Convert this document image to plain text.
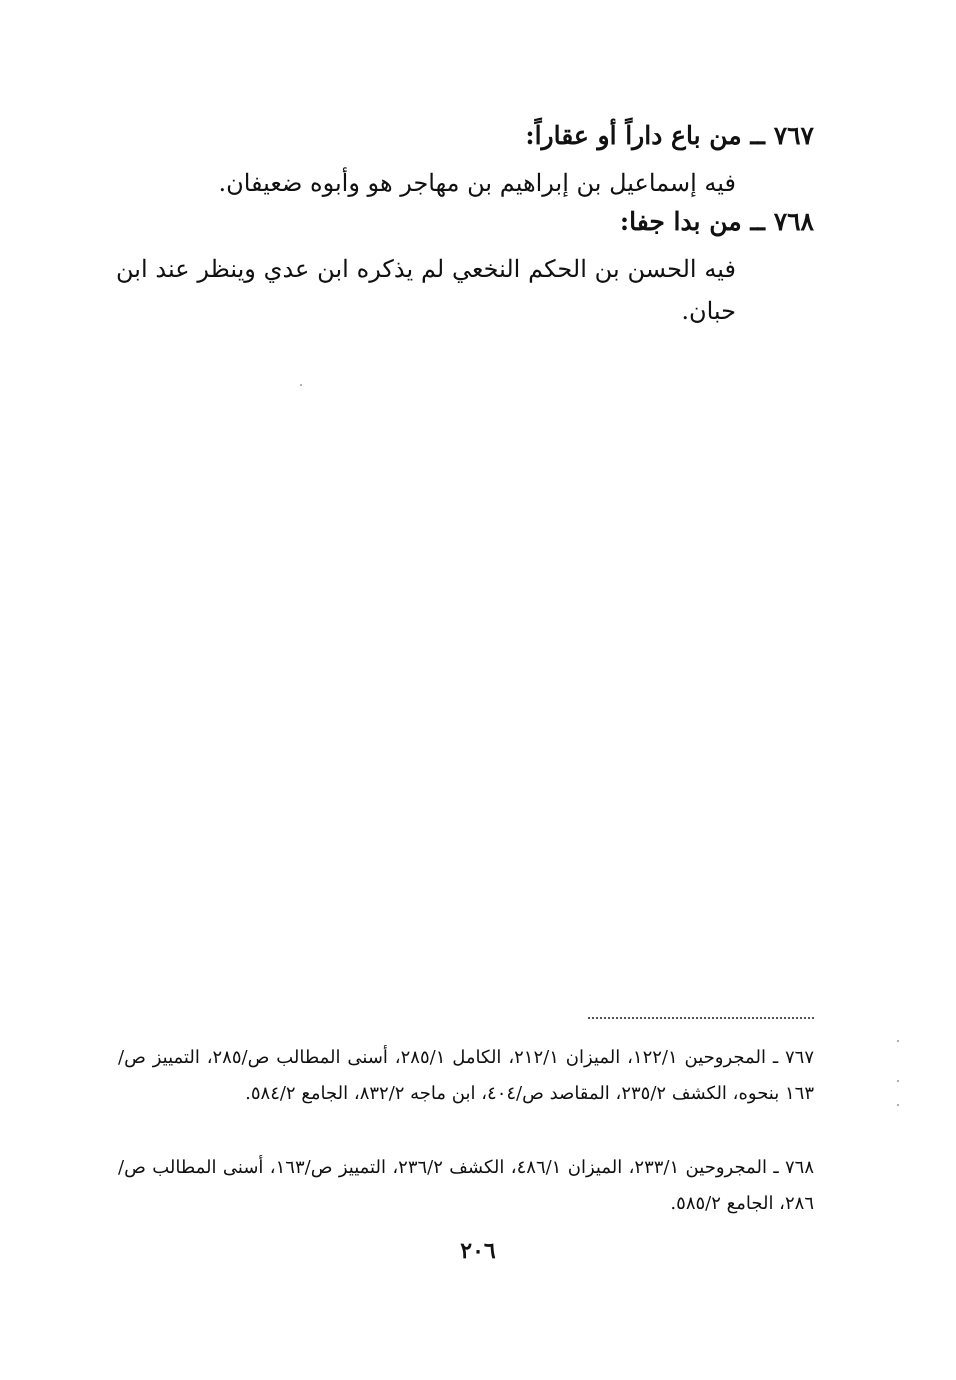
٧٦٧ ــ من باع داراً أو عقاراً:
فيه إسماعيل بن إبراهيم بن مهاجر هو وأبوه ضعيفان.
٧٦٨ ــ من بدا جفا:
فيه الحسن بن الحكم النخعي لم يذكره ابن عدي وينظر عند ابن حبان.
٧٦٧ ـ المجروحين ١٢٢/١، الميزان ٢١٢/١، الكامل ٢٨٥/١، أسنى المطالب ص/٢٨٥، التمييز ص/١٦٣ بنحوه، الكشف ٢٣٥/٢، المقاصد ص/٤٠٤، ابن ماجه ٨٣٢/٢، الجامع ٥٨٤/٢.
٧٦٨ ـ المجروحين ٢٣٣/١، الميزان ٤٨٦/١، الكشف ٢٣٦/٢، التمييز ص/١٦٣، أسنى المطالب ص/٢٨٦، الجامع ٥٨٥/٢.
٢٠٦
